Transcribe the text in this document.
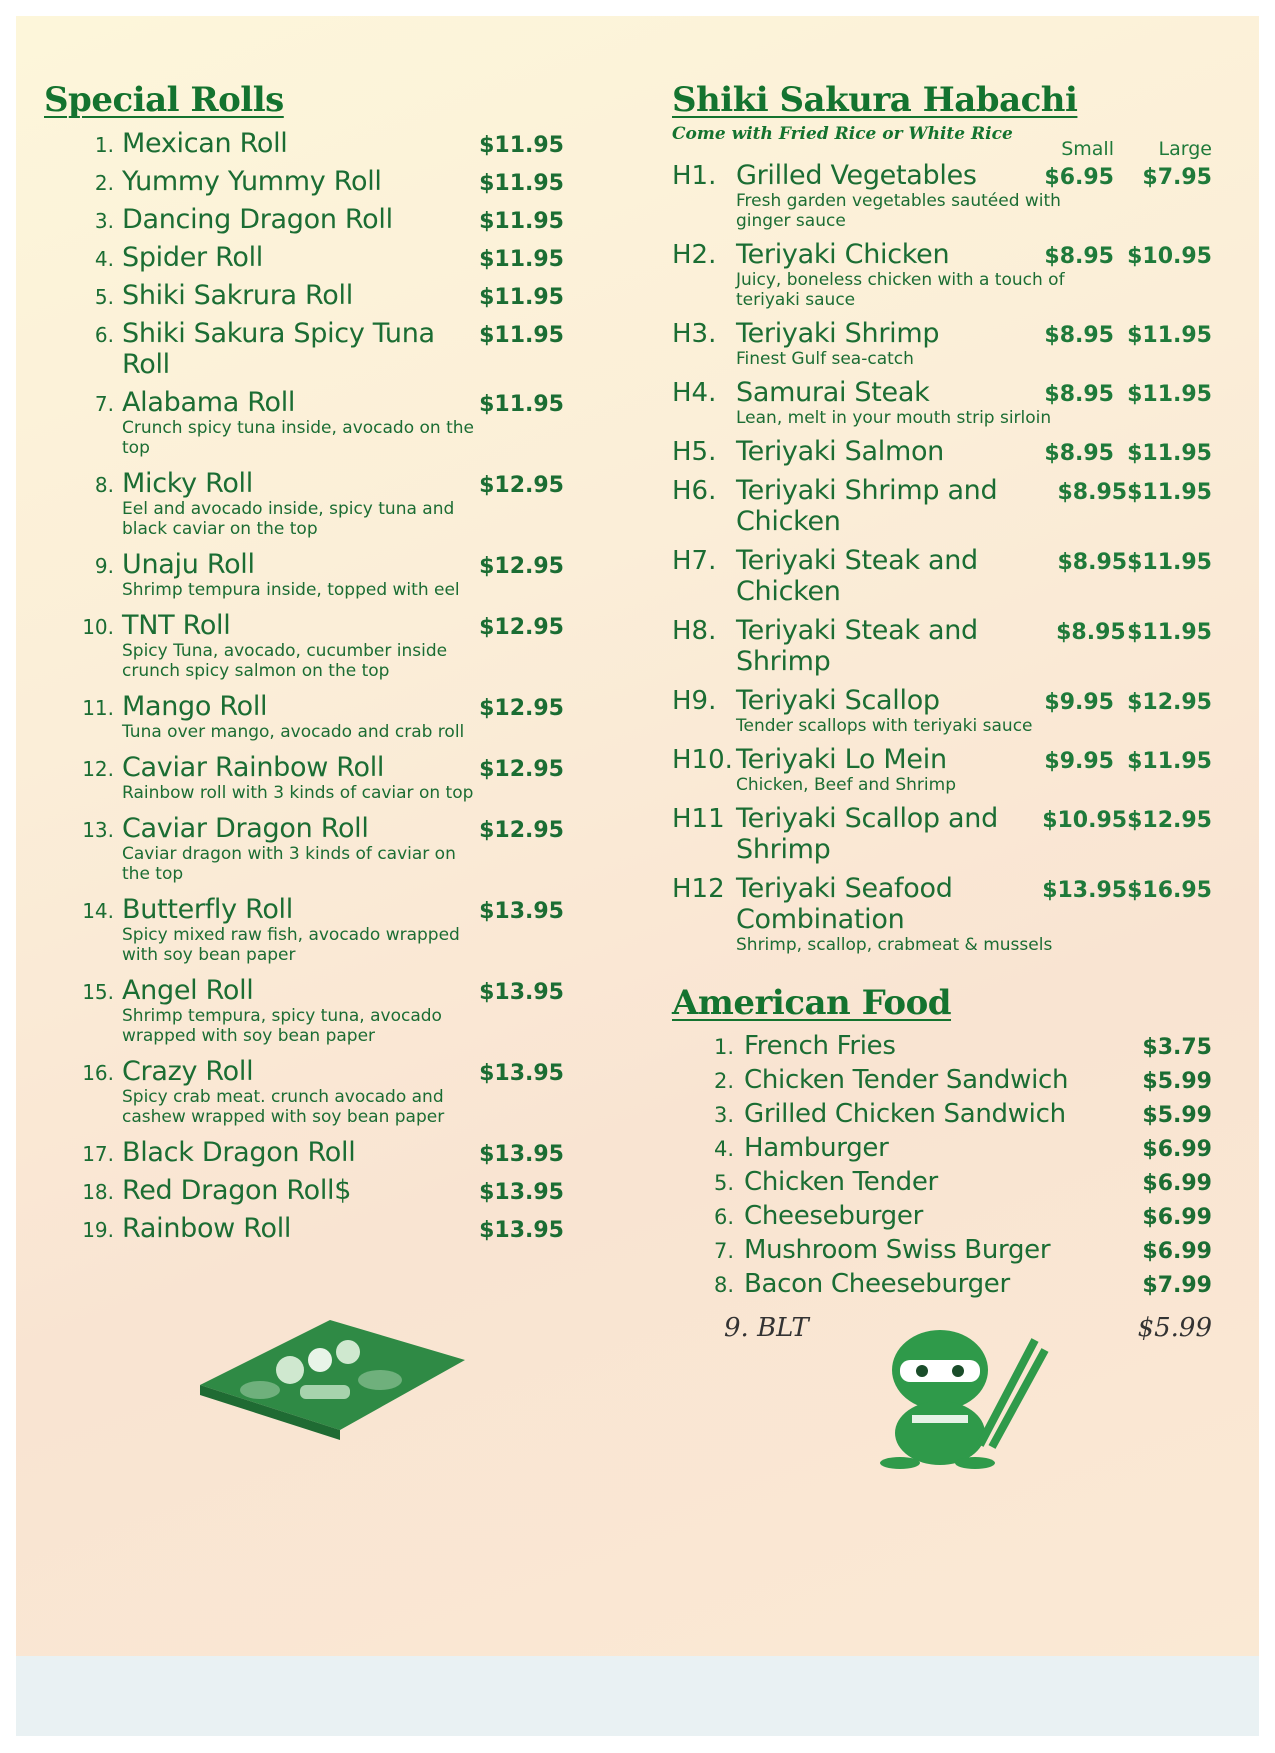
Special Rolls
1. Mexican Roll	$11.95
2. Yummy Yummy Roll	$11.95
3. Dancing Dragon Roll	$11.95
4. Spider Roll	$11.95
5. Shiki Sakrura Roll	$11.95
6. Shiki Sakura Spicy Tuna Roll
$11.95
7. Alabama Roll	$11.95
Crunch spicy tuna inside, avocado on the top
8. Micky Roll	$12.95
Eel and avocado inside, spicy tuna and black caviar on the top
9. Unaju Roll	$12.95
Shrimp tempura inside, topped with eel
10. TNT Roll	$12.95
Spicy Tuna, avocado, cucumber inside crunch spicy salmon on the top
11. Mango Roll	$12.95
Tuna over mango, avocado and crab roll
12. Caviar Rainbow Roll	$12.95
Rainbow roll with 3 kinds of caviar on top
13. Caviar Dragon Roll	$12.95
Caviar dragon with 3 kinds of caviar on the top
14. Butterfly Roll	$13.95
Spicy mixed raw fish, avocado wrapped with soy bean paper
15. Angel Roll	$13.95
Shrimp tempura, spicy tuna, avocado wrapped with soy bean paper
16. Crazy Roll	$13.95
Spicy crab meat. crunch avocado and cashew wrapped with soy bean paper
17. Black Dragon Roll	$13.95
18. Red Dragon Roll$	$13.95
19. Rainbow Roll	$13.95
Shiki Sakura Habachi
Come with Fried Rice or White Rice
Small	Large
H1. Grilled Vegetables	$6.95	$7.95
Fresh garden vegetables sautéed with ginger sauce
H2. Teriyaki Chicken	$8.95 $10.95
Juicy, boneless chicken with a touch of teriyaki sauce
H3. Teriyaki Shrimp	$8.95 $11.95
Finest Gulf sea-catch
H4. Samurai Steak	$8.95 $11.95
Lean, melt in your mouth strip sirloin
H5. Teriyaki Salmon	$8.95 $11.95
H6. Teriyaki Shrimp and Chicken
$8.95 $11.95
H7. Teriyaki Steak and Chicken
$8.95 $11.95
H8. Teriyaki Steak and Shrimp
$8.95 $11.95
H9. Teriyaki Scallop	$9.95 $12.95
Tender scallops with teriyaki sauce
H10. Teriyaki Lo Mein	$9.95 $11.95
Chicken, Beef and Shrimp
H11 Teriyaki Scallop and Shrimp
$10.95 $12.95
H12 Teriyaki Seafood Combination
$13.95 $16.95
Shrimp, scallop, crabmeat & mussels
American Food
1. French Fries	$3.75
2. Chicken Tender Sandwich	$5.99
3. Grilled Chicken Sandwich	$5.99
4. Hamburger	$6.99
5. Chicken Tender	$6.99
6. Cheeseburger	$6.99
7. Mushroom Swiss Burger	$6.99
8. Bacon Cheeseburger	$7.99
9. BLT	$5.99
